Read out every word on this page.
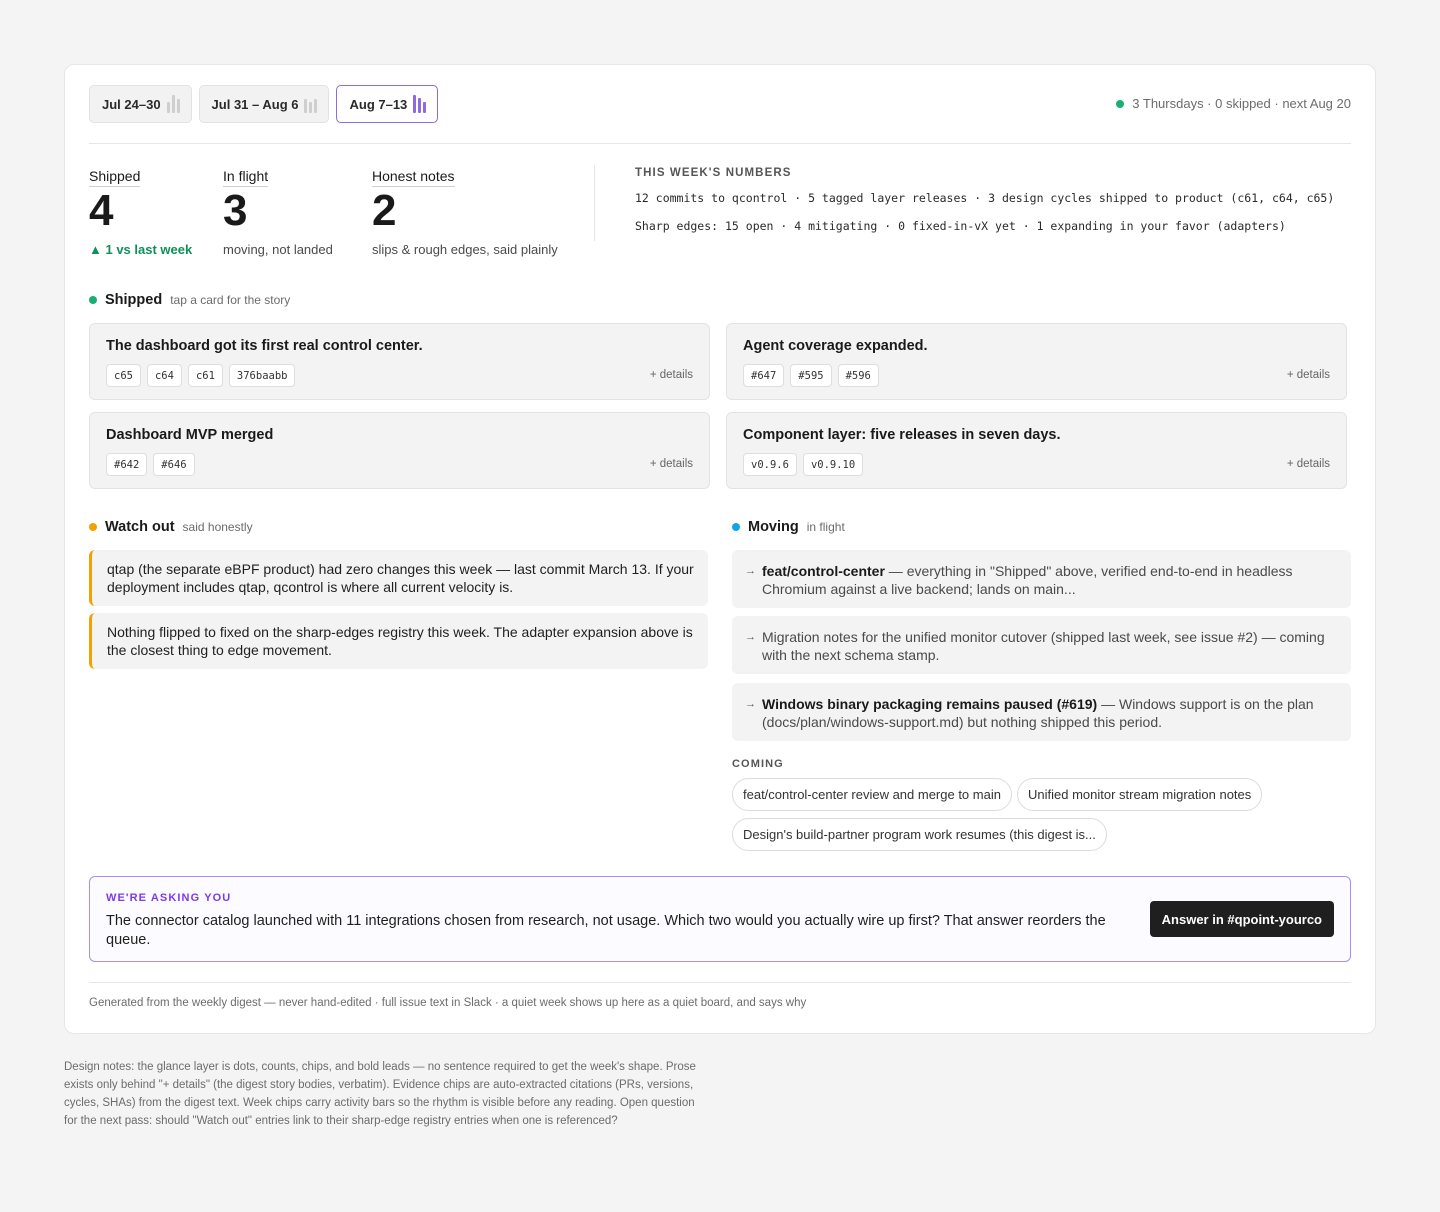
Jul 24–30	Jul 31 – Aug 6	Aug 7–13	3 Thursdays · 0 skipped · next Aug 20
Shipped
4
▲ 1 vs last week
In flight
3
moving, not landed
Honest notes
2
slips & rough edges, said plainly
THIS WEEK'S NUMBERS
12 commits to qcontrol · 5 tagged layer releases · 3 design cycles shipped to product (c61, c64, c65)
Sharp edges: 15 open · 4 mitigating · 0 fixed-in-vX yet · 1 expanding in your favor (adapters)
Shipped tap a card for the story
The dashboard got its first real control center.
c65	c64	c61	376baabb	+ details
Agent coverage expanded.
#647	#595	#596	+ details
Dashboard MVP merged
#642	#646	+ details
Component layer: five releases in seven days.
v0.9.6	v0.9.10	+ details
Watch out said honestly
qtap (the separate eBPF product) had zero changes this week — last commit March 13. If your deployment includes qtap, qcontrol is where all current velocity is.
Nothing flipped to fixed on the sharp-edges registry this week. The adapter expansion above is the closest thing to edge movement.
Moving in flight
→ feat/control-center — everything in "Shipped" above, verified end-to-end in headless Chromium against a live backend; lands on main...
→ Migration notes for the unified monitor cutover (shipped last week, see issue #2) — coming with the next schema stamp.
→ Windows binary packaging remains paused (#619) — Windows support is on the plan (docs/plan/windows-support.md) but nothing shipped this period.
COMING
feat/control-center review and merge to main	Unified monitor stream migration notes
Design's build-partner program work resumes (this digest is...
WE'RE ASKING YOU
The connector catalog launched with 11 integrations chosen from research, not usage. Which two would you actually wire up first? That answer reorders the queue.
Answer in #qpoint-yourco
Generated from the weekly digest — never hand-edited · full issue text in Slack · a quiet week shows up here as a quiet board, and says why
Design notes: the glance layer is dots, counts, chips, and bold leads — no sentence required to get the week's shape. Prose exists only behind "+ details" (the digest story bodies, verbatim). Evidence chips are auto-extracted citations (PRs, versions, cycles, SHAs) from the digest text. Week chips carry activity bars so the rhythm is visible before any reading. Open question for the next pass: should "Watch out" entries link to their sharp-edge registry entries when one is referenced?
